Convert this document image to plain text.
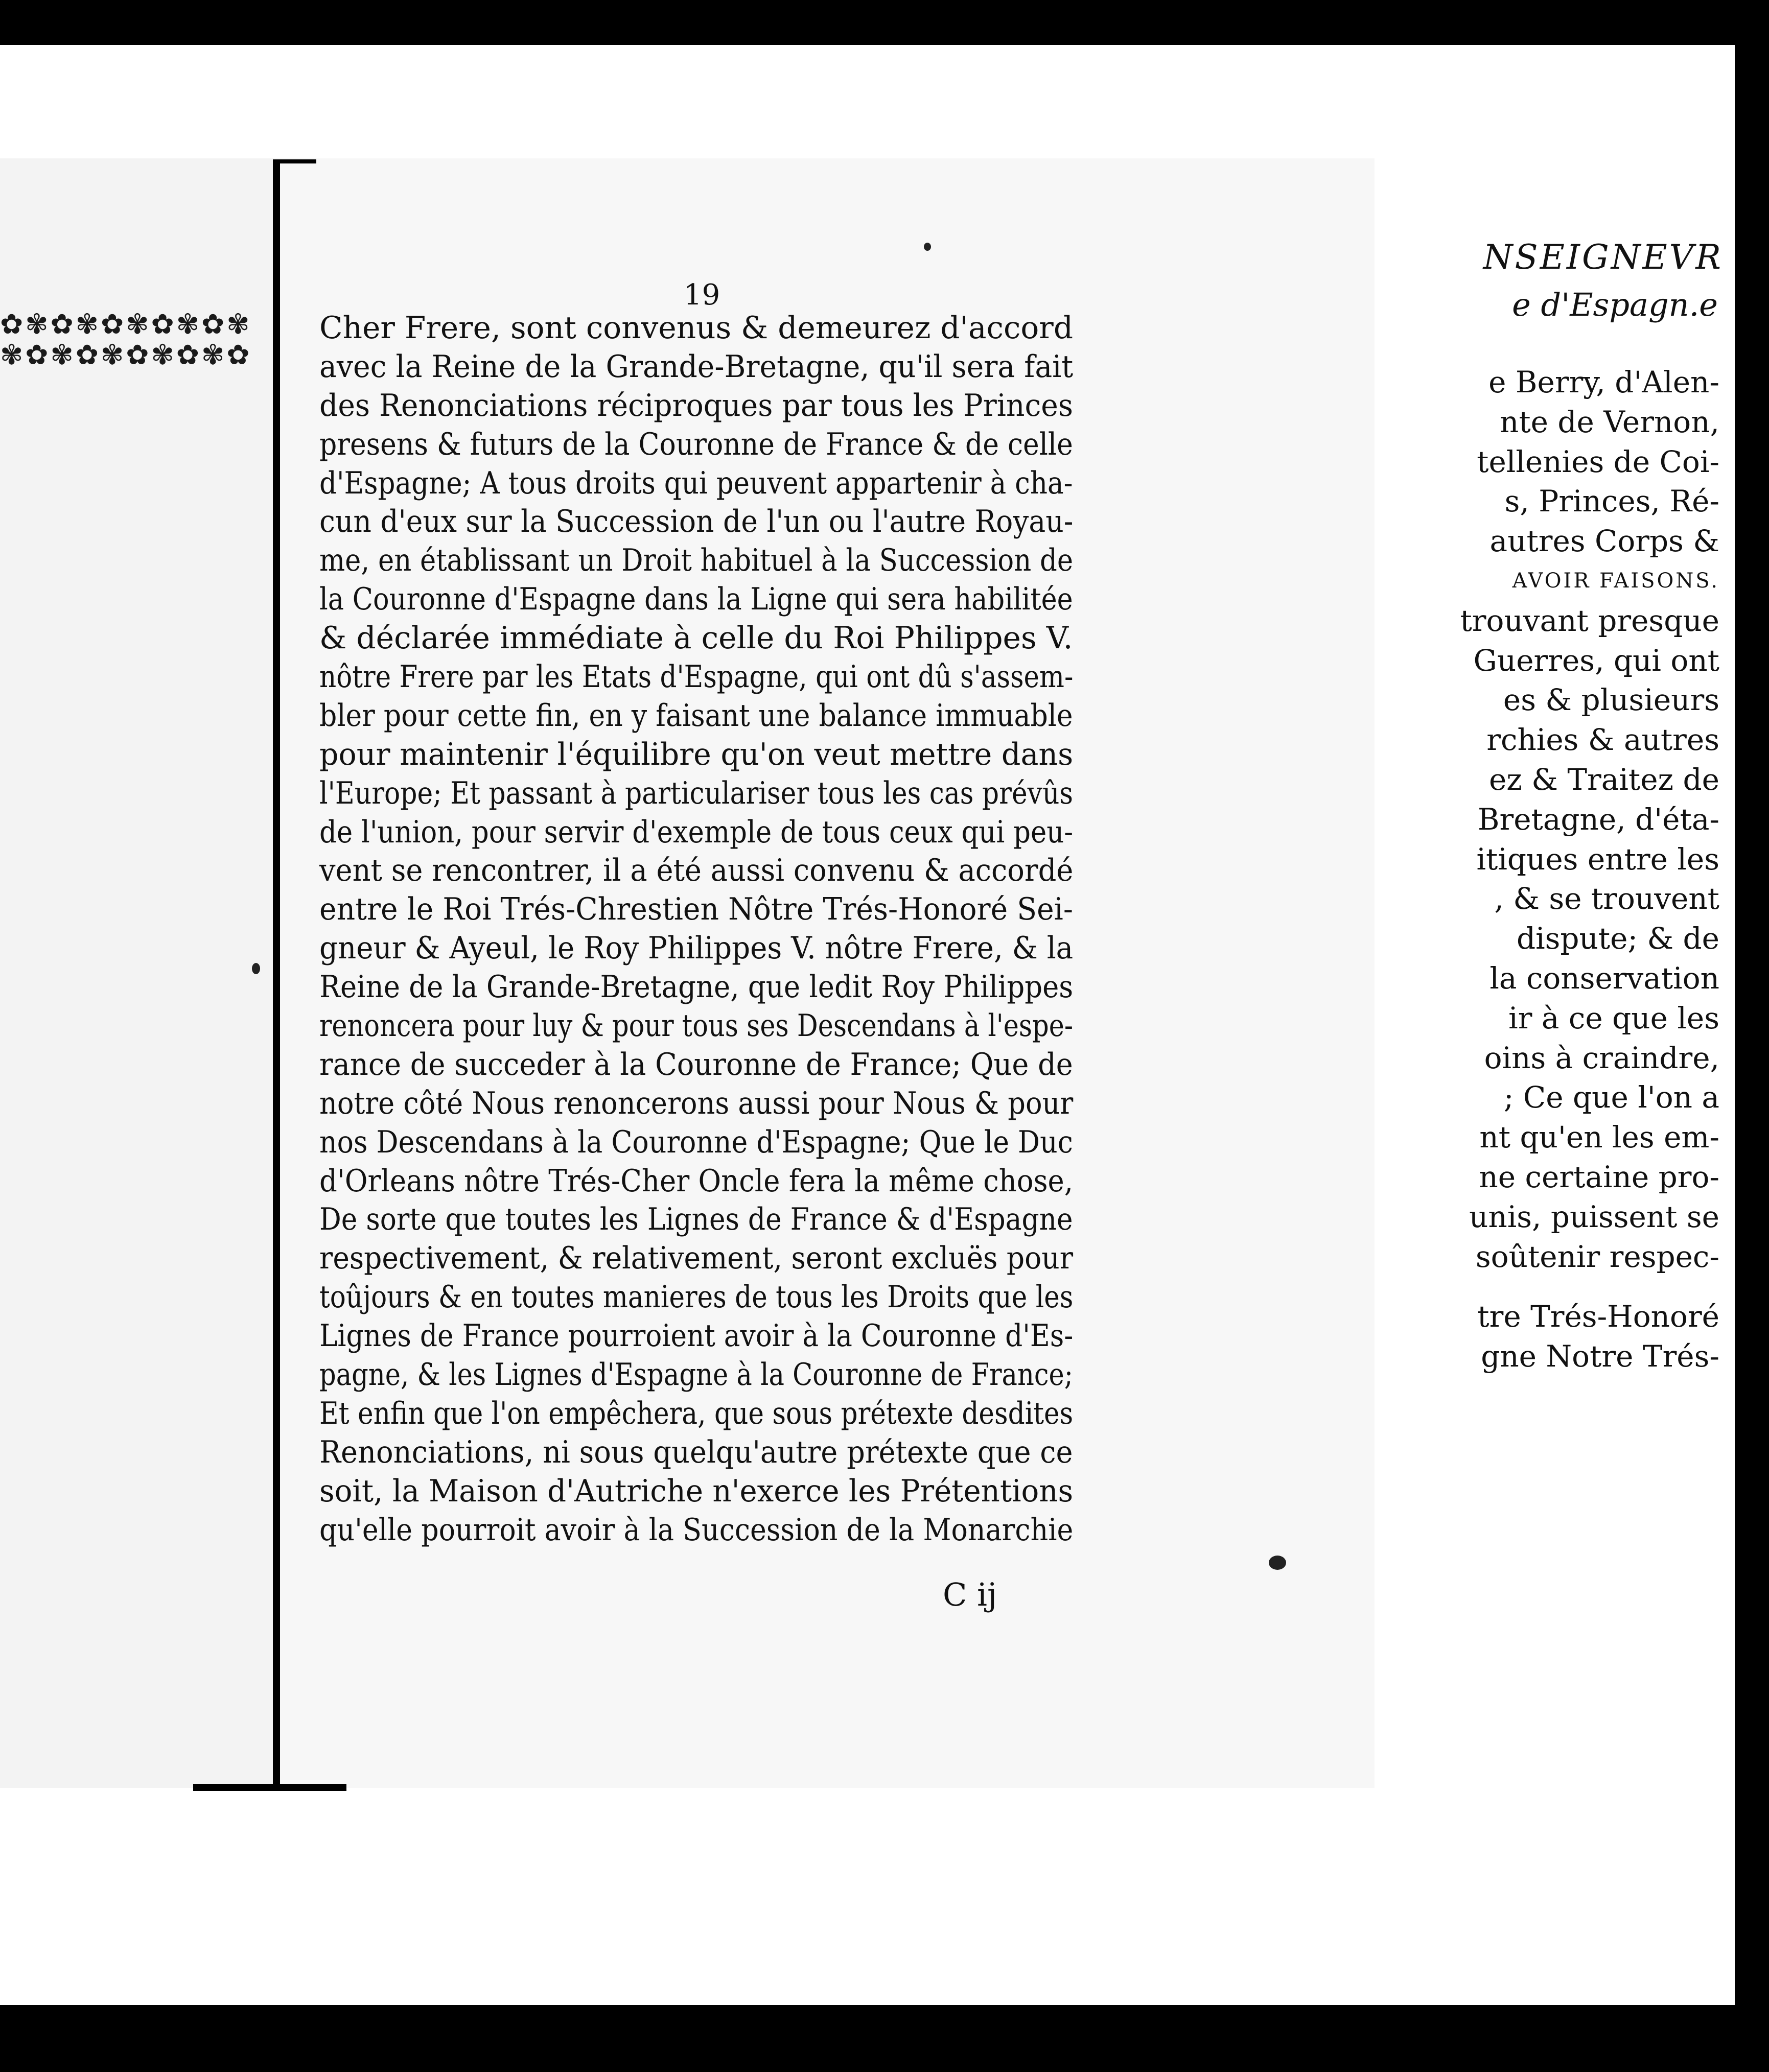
✿✾✿✾✿✾✿✾✿✾
✾✿✾✿✾✿✾✿✾✿
NSEIGNEVR
e d'Espagn.e
e Berry, d'Alen-
nte de Vernon,
tellenies de Coi-
s, Princes, Ré-
autres Corps &
AVOIR FAISONS.
trouvant presque
Guerres, qui ont
es & plusieurs
rchies & autres
ez & Traitez de
Bretagne, d'éta-
itiques entre les
, & se trouvent
dispute; & de
la conservation
ir à ce que les
oins à craindre,
; Ce que l'on a
nt qu'en les em-
ne certaine pro-
unis, puissent se
soûtenir respec-
tre Trés-Honoré
gne Notre Trés-
19
Cher Frere, sont convenus & demeurez d'accord
avec la Reine de la Grande-Bretagne, qu'il sera fait
des Renonciations réciproques par tous les Princes
presens & futurs de la Couronne de France & de celle
d'Espagne; A tous droits qui peuvent appartenir à cha-
cun d'eux sur la Succession de l'un ou l'autre Royau-
me, en établissant un Droit habituel à la Succession de
la Couronne d'Espagne dans la Ligne qui sera habilitée
& déclarée immédiate à celle du Roi Philippes V.
nôtre Frere par les Etats d'Espagne, qui ont dû s'assem-
bler pour cette fin, en y faisant une balance immuable
pour maintenir l'équilibre qu'on veut mettre dans
l'Europe; Et passant à particulariser tous les cas prévûs
de l'union, pour servir d'exemple de tous ceux qui peu-
vent se rencontrer, il a été aussi convenu & accordé
entre le Roi Trés-Chrestien Nôtre Trés-Honoré Sei-
gneur & Ayeul, le Roy Philippes V. nôtre Frere, & la
Reine de la Grande-Bretagne, que ledit Roy Philippes
renoncera pour luy & pour tous ses Descendans à l'espe-
rance de succeder à la Couronne de France; Que de
notre côté Nous renoncerons aussi pour Nous & pour
nos Descendans à la Couronne d'Espagne; Que le Duc
d'Orleans nôtre Trés-Cher Oncle fera la même chose,
De sorte que toutes les Lignes de France & d'Espagne
respectivement, & relativement, seront excluës pour
toûjours & en toutes manieres de tous les Droits que les
Lignes de France pourroient avoir à la Couronne d'Es-
pagne, & les Lignes d'Espagne à la Couronne de France;
Et enfin que l'on empêchera, que sous prétexte desdites
Renonciations, ni sous quelqu'autre prétexte que ce
soit, la Maison d'Autriche n'exerce les Prétentions
qu'elle pourroit avoir à la Succession de la Monarchie
C ij
